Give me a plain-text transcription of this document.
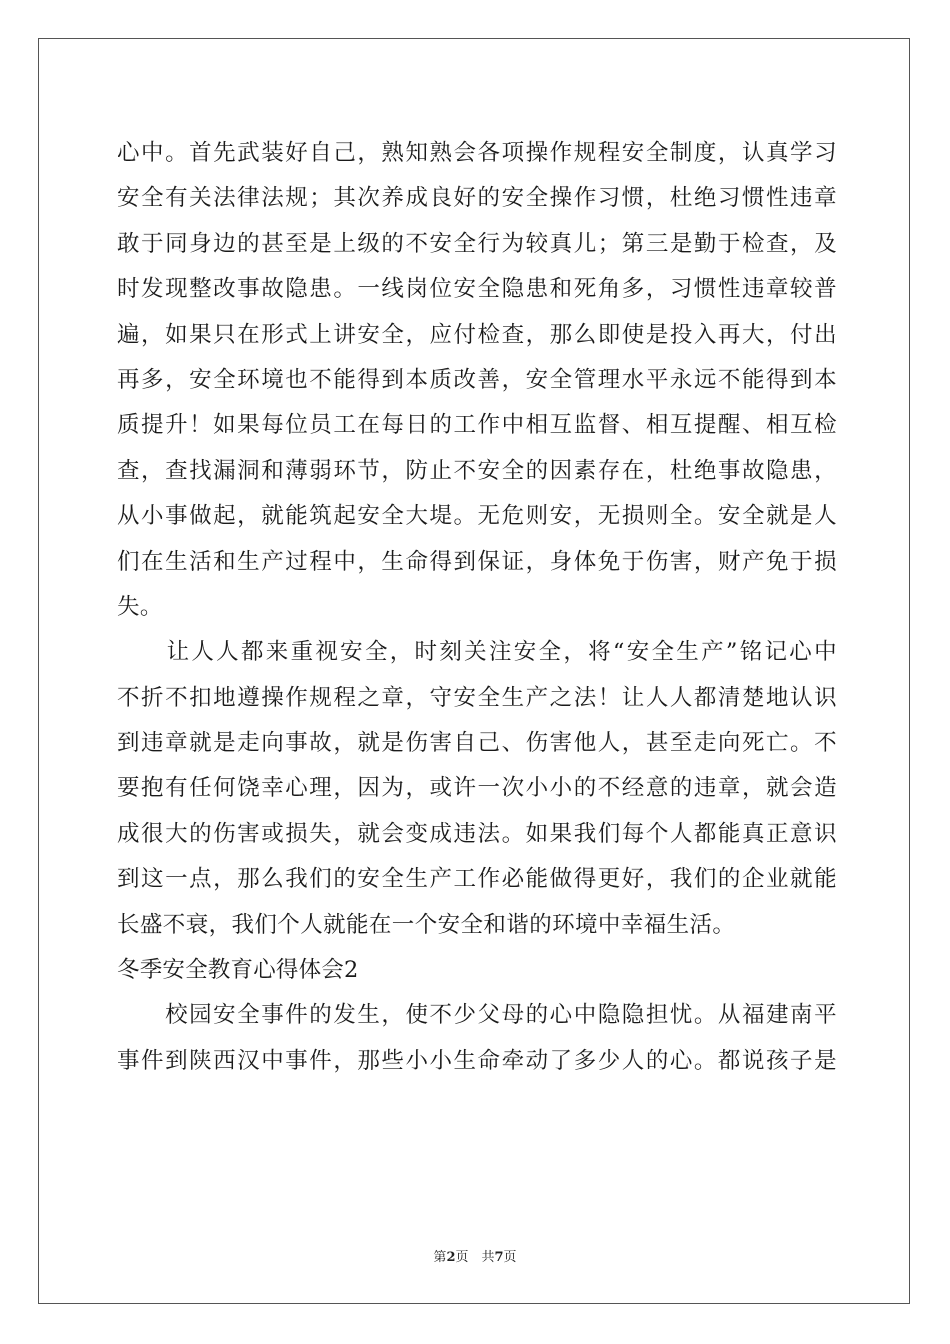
心中。首先武装好自己，熟知熟会各项操作规程安全制度，认真学习
安全有关法律法规；其次养成良好的安全操作习惯，杜绝习惯性违章
敢于同身边的甚至是上级的不安全行为较真儿；第三是勤于检查，及
时发现整改事故隐患。一线岗位安全隐患和死角多，习惯性违章较普
遍，如果只在形式上讲安全，应付检查，那么即使是投入再大，付出
再多，安全环境也不能得到本质改善，安全管理水平永远不能得到本
质提升！如果每位员工在每日的工作中相互监督、相互提醒、相互检
查，查找漏洞和薄弱环节，防止不安全的因素存在，杜绝事故隐患，
从小事做起，就能筑起安全大堤。无危则安，无损则全。安全就是人
们在生活和生产过程中，生命得到保证，身体免于伤害，财产免于损
失。
　　让人人都来重视安全，时刻关注安全，将“安全生产”铭记心中
不折不扣地遵操作规程之章，守安全生产之法！让人人都清楚地认识
到违章就是走向事故，就是伤害自己、伤害他人，甚至走向死亡。不
要抱有任何饶幸心理，因为，或许一次小小的不经意的违章，就会造
成很大的伤害或损失，就会变成违法。如果我们每个人都能真正意识
到这一点，那么我们的安全生产工作必能做得更好，我们的企业就能
长盛不衰，我们个人就能在一个安全和谐的环境中幸福生活。
冬季安全教育心得体会2
　　校园安全事件的发生，使不少父母的心中隐隐担忧。从福建南平
事件到陕西汉中事件，那些小小生命牵动了多少人的心。都说孩子是
第2页　共7页
